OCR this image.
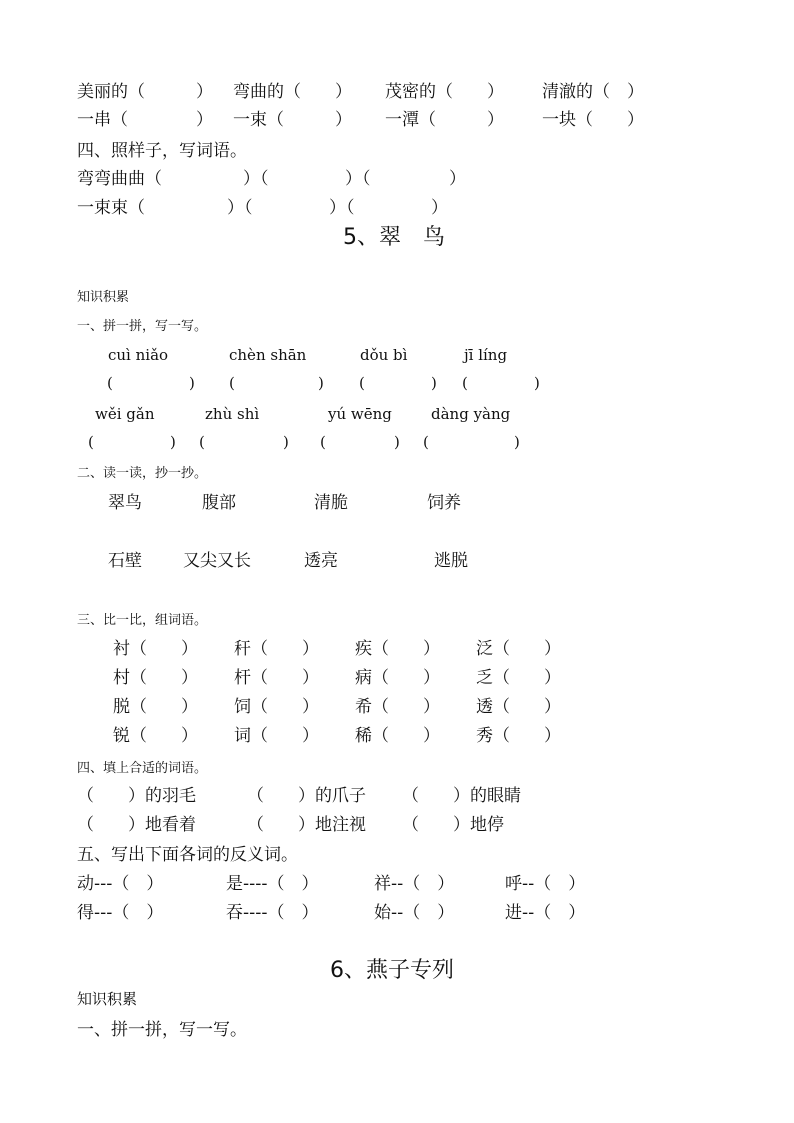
美丽的（　　　） 弯曲的（　　） 茂密的（　　） 清澈的（　）
一串（　　　　） 一束（　　　） 一潭（　　　） 一块（　　）
四、照样子，写词语。
弯弯曲曲（	）（	）（	）
一束束（	）（	）（	）
5、翠　鸟
知识积累
一、拼一拼，写一写。
cuì niǎo	chèn shān	dǒu bì	jī líng
(	) (	) (	) (	)
wěi gǎn	zhù shì	yú wēng	dàng yàng
(	) (	) (	) (	)
二、读一读，抄一抄。
翠鸟	腹部	清脆	饲养
石壁 又尖又长	透亮	逃脱
三、比一比，组词语。
衬（　　） 秆（　　） 疾（　　） 泛（　　）
村（　　） 杆（　　） 病（　　） 乏（　　）
脱（　　） 饲（　　） 希（　　） 透（　　）
锐（　　） 词（　　） 稀（　　） 秀（　　）
四、填上合适的词语。
（　　）的羽毛	（　　）的爪子 （　　）的眼睛
（　　）地看着	（　　）地注视 （　　）地停
五、写出下面各词的反义词。
动---（　）	是----（　）	祥--（　）	呼--（　）
得---（　）	吞----（　）	始--（　）	进--（　）
6、燕子专列
知识积累
一、拼一拼，写一写。
